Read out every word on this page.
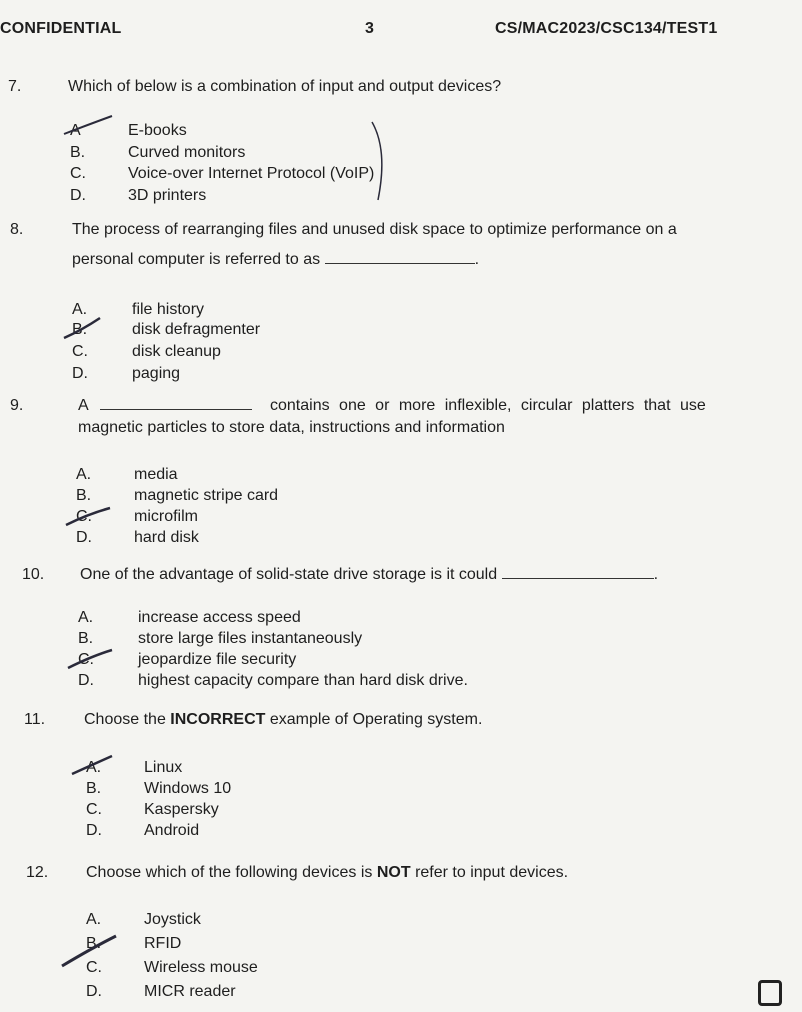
CONFIDENTIAL	3	CS/MAC2023/CSC134/TEST1
7.	Which of below is a combination of input and output devices?
A	E-books
B.	Curved monitors
C.	Voice-over Internet Protocol (VoIP)
D.	3D printers
8.	The process of rearranging files and unused disk space to optimize performance on a
personal computer is referred to as	.
A.	file history
B.	disk defragmenter
C.	disk cleanup
D.	paging
9.	A	contains one or more inflexible, circular platters that use
magnetic particles to store data, instructions and information
A.	media
B.	magnetic stripe card
C.	microfilm
D.	hard disk
10. One of the advantage of solid-state drive storage is it could	.
A.	increase access speed
B.	store large files instantaneously
C.	jeopardize file security
D.	highest capacity compare than hard disk drive.
11. Choose the INCORRECT example of Operating system.
A.	Linux
B.	Windows 10
C.	Kaspersky
D.	Android
12. Choose which of the following devices is NOT refer to input devices.
A.	Joystick
B.	RFID
C.	Wireless mouse
D.	MICR reader
